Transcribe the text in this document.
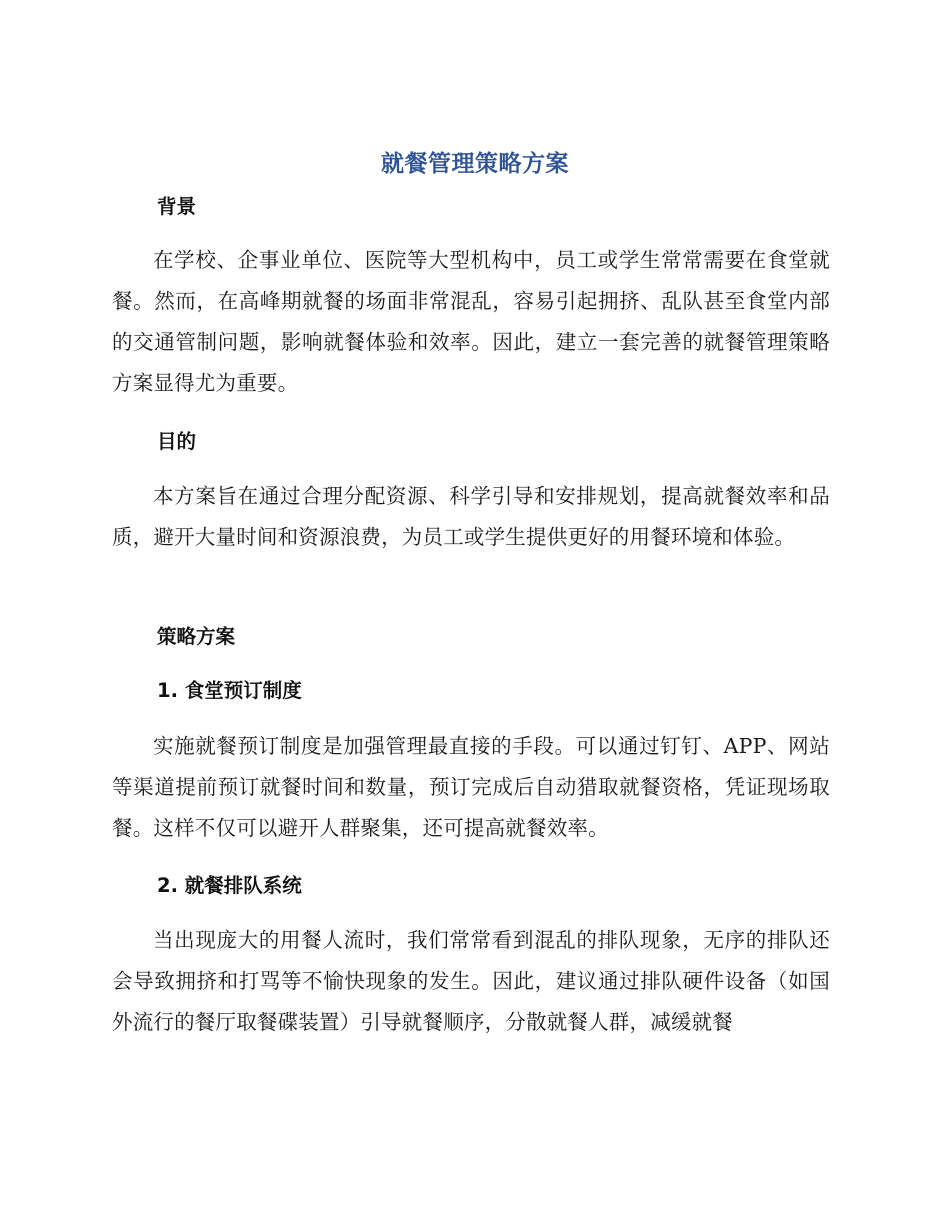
就餐管理策略方案
背景
在学校、企事业单位、医院等大型机构中，员工或学生常常需要在食堂就餐。然而，在高峰期就餐的场面非常混乱，容易引起拥挤、乱队甚至食堂内部的交通管制问题，影响就餐体验和效率。因此，建立一套完善的就餐管理策略方案显得尤为重要。
目的
本方案旨在通过合理分配资源、科学引导和安排规划，提高就餐效率和品质，避开大量时间和资源浪费，为员工或学生提供更好的用餐环境和体验。
策略方案
1. 食堂预订制度
实施就餐预订制度是加强管理最直接的手段。可以通过钉钉、APP、网站等渠道提前预订就餐时间和数量，预订完成后自动猎取就餐资格，凭证现场取餐。这样不仅可以避开人群聚集，还可提高就餐效率。
2. 就餐排队系统
当出现庞大的用餐人流时，我们常常看到混乱的排队现象，无序的排队还会导致拥挤和打骂等不愉快现象的发生。因此，建议通过排队硬件设备（如国外流行的餐厅取餐碟装置）引导就餐顺序，分散就餐人群，减缓就餐
